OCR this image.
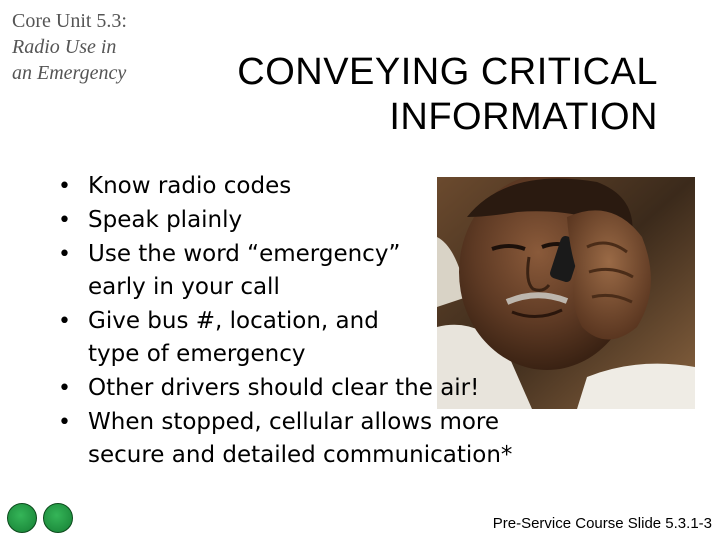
Core Unit 5.3:
Radio Use in
an Emergency	CONVEYING CRITICAL
INFORMATION
• Know radio codes
• Speak plainly
• Use the word “emergency”
early in your call
• Give bus #, location, and
type of emergency
• Other drivers should clear the air!
• When stopped, cellular allows more
secure and detailed communication*
Pre-Service Course Slide 5.3.1-3
